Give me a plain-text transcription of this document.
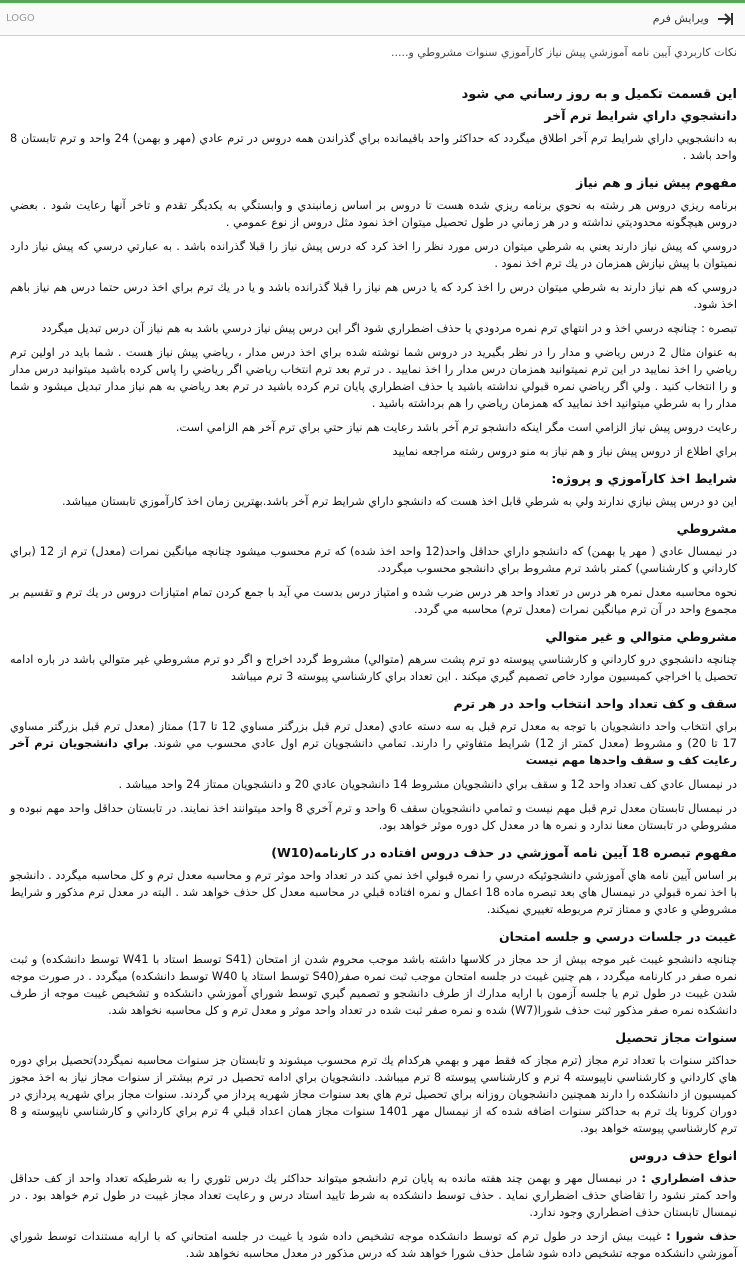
LOGO	ويرايش فرم
نكات كاربردي آيين نامه آموزشي پيش نياز كارآموزي سنوات مشروطي و.....
اين قسمت تكميل و به روز رساني مي شود
دانشجوي داراي شرايط ترم آخر
به دانشجويي داراي شرايط ترم آخر اطلاق ميگردد كه حداكثر واحد باقيمانده براي گذراندن همه دروس در ترم عادي (مهر و بهمن) 24 واحد و ترم تابستان 8 واحد باشد .
مفهوم پيش نياز و هم نياز
برنامه ريزي دروس هر رشته به نحوي برنامه ريزي شده هست تا دروس بر اساس زمانبندي و وابستگي به يكديگر تقدم و تاخر آنها رعايت شود . بعضي دروس هيچگونه محدوديتي نداشته و در هر زماني در طول تحصيل ميتوان اخذ نمود مثل دروس از نوع عمومي .
دروسي كه پيش نياز دارند يعني به شرطي ميتوان درس مورد نظر را اخذ كرد كه درس پيش نياز را قبلا گذرانده باشد . به عبارتي درسي كه پيش نياز دارد نميتوان با پيش نيازش همزمان در يك ترم اخذ نمود .
دروسي كه هم نياز دارند به شرطي ميتوان درس را اخذ كرد كه يا درس هم نياز را قبلا گذرانده باشد و يا در يك ترم براي اخذ درس حتما درس هم نياز باهم اخذ شود.
تبصره : چنانچه درسي اخذ و در انتهاي ترم نمره مردودي يا حذف اضطراري شود اگر اين درس پيش نياز درسي باشد به هم نياز آن درس تبديل ميگردد
به عنوان مثال 2 درس رياضي و مدار را در نظر بگيريد در دروس شما نوشته شده براي اخذ درس مدار ، رياضي پيش نياز هست . شما بايد در اولين ترم رياضي را اخذ نماييد در اين ترم نميتوانيد همزمان درس مدار را اخذ نماييد . در ترم بعد ترم انتخاب رياضي اگر رياضي را پاس كرده باشيد ميتوانيد درس مدار و را انتخاب كنيد . ولي اگر رياضي نمره قبولي نداشته باشيد يا حذف اضطراري پايان ترم كرده باشيد در ترم بعد رياضي به هم نياز مدار تبديل ميشود و شما مدار را به شرطي ميتوانيد اخذ نماييد كه همزمان رياضي را هم برداشته باشيد .
رعايت دروس پيش نياز الزامي است مگر اينكه دانشجو ترم آخر باشد رعايت هم نياز حتي براي ترم آخر هم الزامي است.
براي اطلاع از دروس پيش نياز و هم نياز به منو دروس رشته مراجعه نماييد
شرايط اخذ كارآموزي و پروژه:
اين دو درس پيش نيازي ندارند ولي به شرطي قابل اخذ هست كه دانشجو داراي شرايط ترم آخر باشد.بهترين زمان اخذ كارآموزي تابستان ميباشد.
مشروطي
در نيمسال عادي ( مهر يا بهمن) كه دانشجو داراي حداقل واحد(12 واحد اخذ شده) كه ترم محسوب ميشود چنانچه ميانگين نمرات (معدل) ترم از 12 (براي كارداني و كارشناسي) كمتر باشد ترم مشروط براي دانشجو محسوب ميگردد.
نحوه محاسبه معدل نمره هر درس در تعداد واحد هر درس ضرب شده و امتياز درس بدست مي آيد با جمع كردن تمام امتيازات دروس در يك ترم و تقسيم بر مجموع واحد در آن ترم ميانگين نمرات (معدل ترم) محاسبه مي گردد.
مشروطي متوالي و غير متوالي
چنانچه دانشجوي درو كارداني و كارشناسي پيوسته دو ترم پشت سرهم (متوالي) مشروط گردد اخراج و اگر دو ترم مشروطي غير متوالي باشد در باره ادامه تحصيل يا اخراجي كميسيون موارد خاص تصميم گيري ميكند . اين تعداد براي كارشناسي پيوسته 3 ترم ميباشد
سقف و كف تعداد واحد انتخاب واحد در هر ترم
براي انتخاب واحد دانشجويان با توجه به معدل ترم قبل به سه دسته عادي (معدل ترم قبل بزرگتر مساوي 12 تا 17) ممتاز (معدل ترم قبل بزرگتر مساوي 17 تا 20) و مشروط (معدل كمتر از 12) شرايط متفاوتي را دارند. تمامي دانشجويان ترم اول عادي محسوب مي شوند. براي دانشجويان ترم آخر رعايت كف و سقف واحدها مهم نيست
در نيمسال عادي كف تعداد واحد 12 و سقف براي دانشجويان مشروط 14 دانشجويان عادي 20 و دانشجويان ممتاز 24 واحد ميباشد .
در نيمسال تابستان معدل ترم قبل مهم نيست و تمامي دانشجويان سقف 6 واحد و ترم آخري 8 واحد ميتوانند اخذ نمايند. در تابستان حداقل واحد مهم نبوده و مشروطي در تابستان معنا ندارد و نمره ها در معدل كل دوره موثر خواهد بود.
مفهوم تبصره 18 آيين نامه آموزشي در حذف دروس افتاده در كارنامه(W10)
بر اساس آيين نامه هاي آموزشي دانشجوئيكه درسي را نمره قبولي اخذ نمي كند در تعداد واحد موثر ترم و محاسبه معدل ترم و كل محاسبه ميگردد . دانشجو با اخذ نمره قبولي در نيمسال هاي بعد تبصره ماده 18 اعمال و نمره افتاده قبلي در محاسبه معدل كل حذف خواهد شد . البته در معدل ترم مذكور و شرايط مشروطي و عادي و ممتاز ترم مربوطه تغييري نميكند.
غيبت در جلسات درسي و جلسه امتحان
چنانچه دانشجو غيبت غير موجه بيش از حد مجاز در كلاسها داشته باشد موجب محروم شدن از امتحان (S41 توسط استاد با W41 توسط دانشكده) و ثبت نمره صفر در كارنامه ميگردد ، هم چنين غيبت در جلسه امتحان موجب ثبت نمره صفر(S40 توسط استاد يا W40 توسط دانشكده) ميگردد . در صورت موجه شدن غيبت در طول ترم يا جلسه آزمون با ارايه مدارك از طرف دانشجو و تصميم گيري توسط شوراي آموزشي دانشكده و تشخيص غيبت موجه از طرف دانشكده نمره صفر مذكور ثبت حذف شورا(W7) شده و نمره صفر ثبت شده در تعداد واحد موثر و معدل ترم و كل محاسبه نخواهد شد.
سنوات مجاز تحصيل
حداكثر سنوات با تعداد ترم مجاز (ترم مجاز كه فقط مهر و بهمي هركدام يك ترم محسوب ميشوند و تابستان جز سنوات محاسبه نميگردد)تحصيل براي دوره هاي كارداني و كارشناسي ناپيوسته 4 ترم و كارشناسي پيوسته 8 ترم ميباشد. دانشجويان براي ادامه تحصيل در ترم بيشتر از سنوات مجاز نياز به اخذ مجوز كميسيون از دانشكده را دارند همچنين دانشجويان روزانه براي تحصيل ترم هاي بعد سنوات مجاز شهريه پرداز مي گردند. سنوات مجاز براي شهريه پردازي در دوران كرونا يك ترم به حداكثر سنوات اضافه شده كه از نيمسال مهر 1401 سنوات مجاز همان اعداد قبلي 4 ترم براي كارداني و كارشناسي ناپيوسته و 8 ترم كارشناسي پيوسته خواهد بود.
انواع حذف دروس
حذف اضطراري : در نيمسال مهر و بهمن چند هفته مانده به پايان ترم دانشجو ميتواند حداكثر يك درس تئوري را به شرطيكه تعداد واحد از كف حداقل واحد كمتر نشود را تقاضاي حذف اضطراري نمايد . حذف توسط دانشكده به شرط تاييد استاد درس و رعايت تعداد مجاز غيبت در طول ترم خواهد بود . در نيمسال تابستان حذف اضطراري وجود ندارد.
حذف شورا : غيبت بيش ازحد در طول ترم كه توسط دانشكده موجه تشخيص داده شود يا غيبت در جلسه امتحاني كه با ارايه مستندات توسط شوراي آموزشي دانشكده موجه تشخيص داده شود شامل حذف شورا خواهد شد كه درس مذكور در معدل محاسبه نخواهد شد.
